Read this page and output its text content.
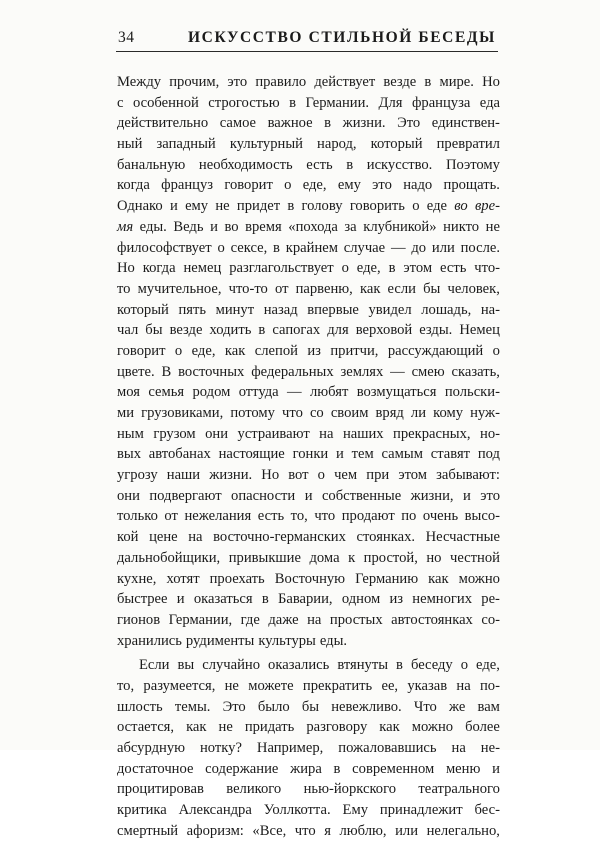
34	ИСКУССТВО СТИЛЬНОЙ БЕСЕДЫ
Между прочим, это правило действует везде в мире. Но
с особенной строгостью в Германии. Для француза еда
действительно самое важное в жизни. Это единствен-
ный западный культурный народ, который превратил
банальную необходимость есть в искусство. Поэтому
когда француз говорит о еде, ему это надо прощать.
Однако и ему не придет в голову говорить о еде во вре-
мя еды. Ведь и во время «похода за клубникой» никто не
философствует о сексе, в крайнем случае — до или после.
Но когда немец разглагольствует о еде, в этом есть что-
то мучительное, что-то от парвеню, как если бы человек,
который пять минут назад впервые увидел лошадь, на-
чал бы везде ходить в сапогах для верховой езды. Немец
говорит о еде, как слепой из притчи, рассуждающий о
цвете. В восточных федеральных землях — смею сказать,
моя семья родом оттуда — любят возмущаться польски-
ми грузовиками, потому что со своим вряд ли кому нуж-
ным грузом они устраивают на наших прекрасных, но-
вых автобанах настоящие гонки и тем самым ставят под
угрозу наши жизни. Но вот о чем при этом забывают:
они подвергают опасности и собственные жизни, и это
только от нежелания есть то, что продают по очень высо-
кой цене на восточно-германских стоянках. Несчастные
дальнобойщики, привыкшие дома к простой, но честной
кухне, хотят проехать Восточную Германию как можно
быстрее и оказаться в Баварии, одном из немногих ре-
гионов Германии, где даже на простых автостоянках со-
хранились рудименты культуры еды.
Если вы случайно оказались втянуты в беседу о еде,
то, разумеется, не можете прекратить ее, указав на по-
шлость темы. Это было бы невежливо. Что же вам
остается, как не придать разговору как можно более
абсурдную нотку? Например, пожаловавшись на не-
достаточное содержание жира в современном меню и
процитировав великого нью-йоркского театрального
критика Александра Уоллкотта. Ему принадлежит бес-
смертный афоризм: «Все, что я люблю, или нелегально,
